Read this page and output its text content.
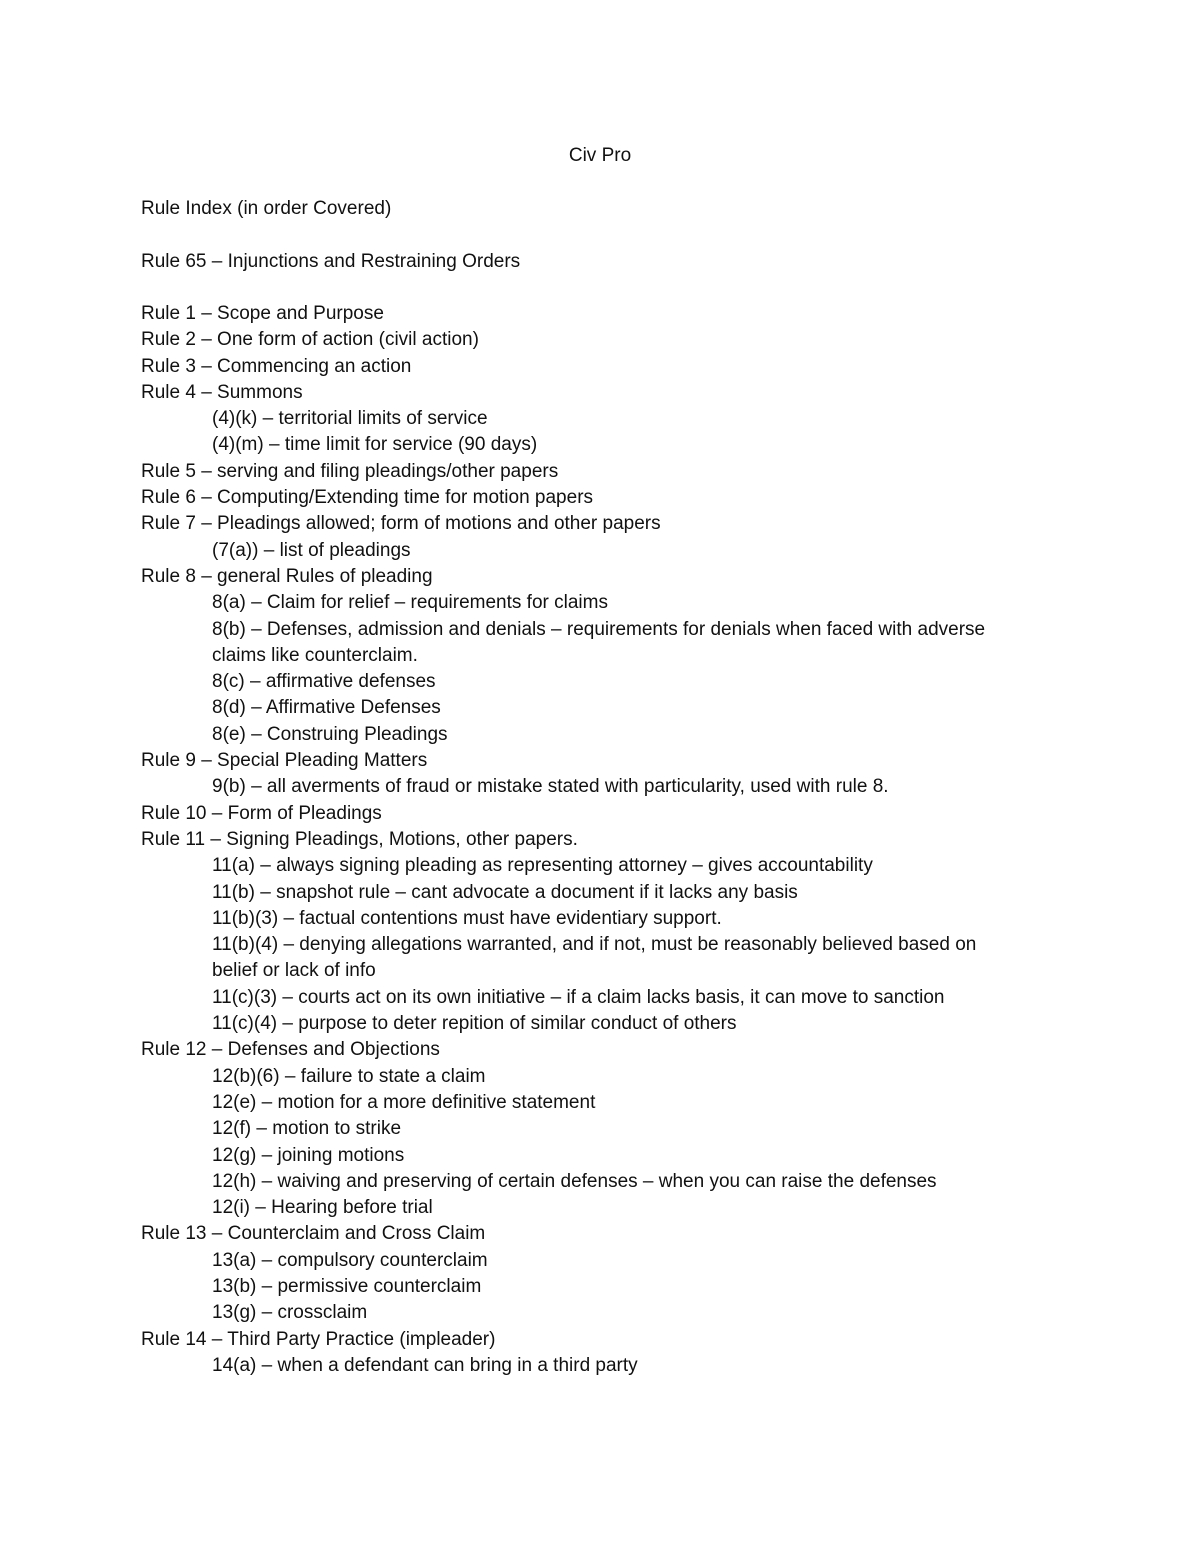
Civ Pro
Rule Index (in order Covered)

Rule 65 – Injunctions and Restraining Orders

Rule 1 – Scope and Purpose
Rule 2 – One form of action (civil action)
Rule 3 – Commencing an action
Rule 4 – Summons
(4)(k) – territorial limits of service
(4)(m) – time limit for service (90 days)
Rule 5 – serving and filing pleadings/other papers
Rule 6 – Computing/Extending time for motion papers
Rule 7 – Pleadings allowed; form of motions and other papers
(7(a)) – list of pleadings
Rule 8 – general Rules of pleading
8(a) – Claim for relief – requirements for claims
8(b) – Defenses, admission and denials – requirements for denials when faced with adverse claims like counterclaim.
8(c) – affirmative defenses
8(d) – Affirmative Defenses
8(e) – Construing Pleadings
Rule 9 – Special Pleading Matters
9(b) – all averments of fraud or mistake stated with particularity, used with rule 8.
Rule 10 – Form of Pleadings
Rule 11 – Signing Pleadings, Motions, other papers.
11(a) – always signing pleading as representing attorney – gives accountability
11(b) – snapshot rule – cant advocate a document if it lacks any basis
11(b)(3) – factual contentions must have evidentiary support.
11(b)(4) – denying allegations warranted, and if not, must be reasonably believed based on belief or lack of info
11(c)(3) – courts act on its own initiative – if a claim lacks basis, it can move to sanction
11(c)(4) – purpose to deter repition of similar conduct of others
Rule 12 – Defenses and Objections
12(b)(6) – failure to state a claim
12(e) – motion for a more definitive statement
12(f) – motion to strike
12(g) – joining motions
12(h) – waiving and preserving of certain defenses – when you can raise the defenses
12(i) – Hearing before trial
Rule 13 – Counterclaim and Cross Claim
13(a) – compulsory counterclaim
13(b) – permissive counterclaim
13(g) – crossclaim
Rule 14 – Third Party Practice (impleader)
14(a) – when a defendant can bring in a third party
